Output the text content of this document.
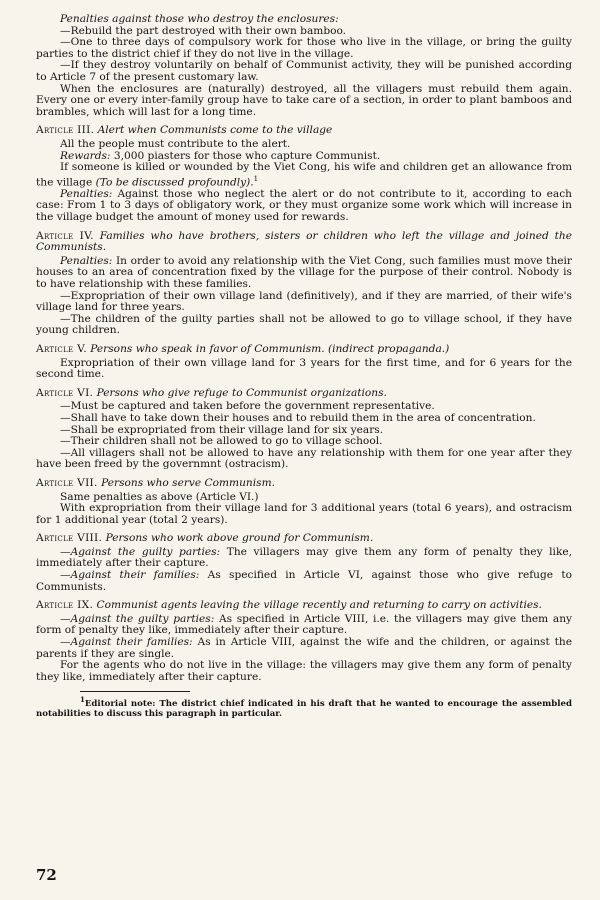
Penalties against those who destroy the enclosures:

—Rebuild the part destroyed with their own bamboo.

—One to three days of compulsory work for those who live in the village, or bring the guilty parties to the district chief if they do not live in the village.

—If they destroy voluntarily on behalf of Communist activity, they will be punished according to Article 7 of the present customary law.

When the enclosures are (naturally) destroyed, all the villagers must rebuild them again. Every one or every inter-family group have to take care of a section, in order to plant bamboos and brambles, which will last for a long time.

Article III. Alert when Communists come to the village

All the people must contribute to the alert.

Rewards: 3,000 piasters for those who capture Communist.

If someone is killed or wounded by the Viet Cong, his wife and children get an allowance from the village (To be discussed profoundly).$^1$

Penalties: Against those who neglect the alert or do not contribute to it, according to each case: From 1 to 3 days of obligatory work, or they must organize some work which will increase in the village budget the amount of money used for rewards.

Article IV. Families who have brothers, sisters or children who left the village and joined the Communists.

Penalties: In order to avoid any relationship with the Viet Cong, such families must move their houses to an area of concentration fixed by the village for the purpose of their control. Nobody is to have relationship with these families.

—Expropriation of their own village land (definitively), and if they are married, of their wife's village land for three years.

—The children of the guilty parties shall not be allowed to go to village school, if they have young children.

Article V. Persons who speak in favor of Communism. (indirect propaganda.)

Expropriation of their own village land for 3 years for the first time, and for 6 years for the second time.

Article VI. Persons who give refuge to Communist organizations.

—Must be captured and taken before the government representative.

—Shall have to take down their houses and to rebuild them in the area of concentration.

—Shall be expropriated from their village land for six years.

—Their children shall not be allowed to go to village school.

—All villagers shall not be allowed to have any relationship with them for one year after they have been freed by the governmnt (ostracism).

Article VII. Persons who serve Communism.

Same penalties as above (Article VI.)

With expropriation from their village land for 3 additional years (total 6 years), and ostracism for 1 additional year (total 2 years).

Article VIII. Persons who work above ground for Communism.

—Against the guilty parties: The villagers may give them any form of penalty they like, immediately after their capture.

—Against their families: As specified in Article VI, against those who give refuge to Communists.

Article IX. Communist agents leaving the village recently and returning to carry on activities.

—Against the guilty parties: As specified in Article VIII, i.e. the villagers may give them any form of penalty they like, immediately after their capture.

—Against their families: As in Article VIII, against the wife and the children, or against the parents if they are single.

For the agents who do not live in the village: the villagers may give them any form of penalty they like, immediately after their capture.

$^1$Editorial note: The district chief indicated in his draft that he wanted to encourage the assembled notabilities to discuss this paragraph in particular.

72
